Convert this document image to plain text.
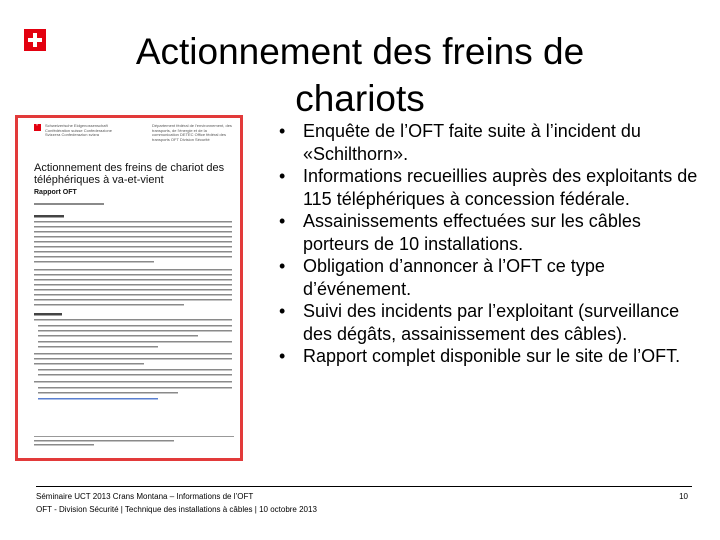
Actionnement des freins de chariots
+
Schweizerische Eidgenossenschaft Confédération suisse Confederazione Svizzera Confederaziun svizra
Département fédéral de l'environnement, des transports, de l'énergie et de la communication DETEC Office fédéral des transports OFT Division Sécurité
Actionnement des freins de chariot des téléphériques à va-et-vient
Rapport OFT
• Enquête de l’OFT faite suite à l’incident du «Schilthorn».
• Informations recueillies auprès des exploitants de 115 téléphériques à concession fédérale.
• Assainissements effectuées sur les câbles porteurs de 10 installations.
• Obligation d’annoncer à l’OFT ce type d’événement.
• Suivi des incidents par l’exploitant (surveillance des dégâts, assainissement des câbles).
• Rapport complet disponible sur le site de l’OFT.
Séminaire UCT 2013 Crans Montana – Informations de l’OFT
OFT - Division Sécurité | Technique des installations à câbles | 10 octobre 2013
10
